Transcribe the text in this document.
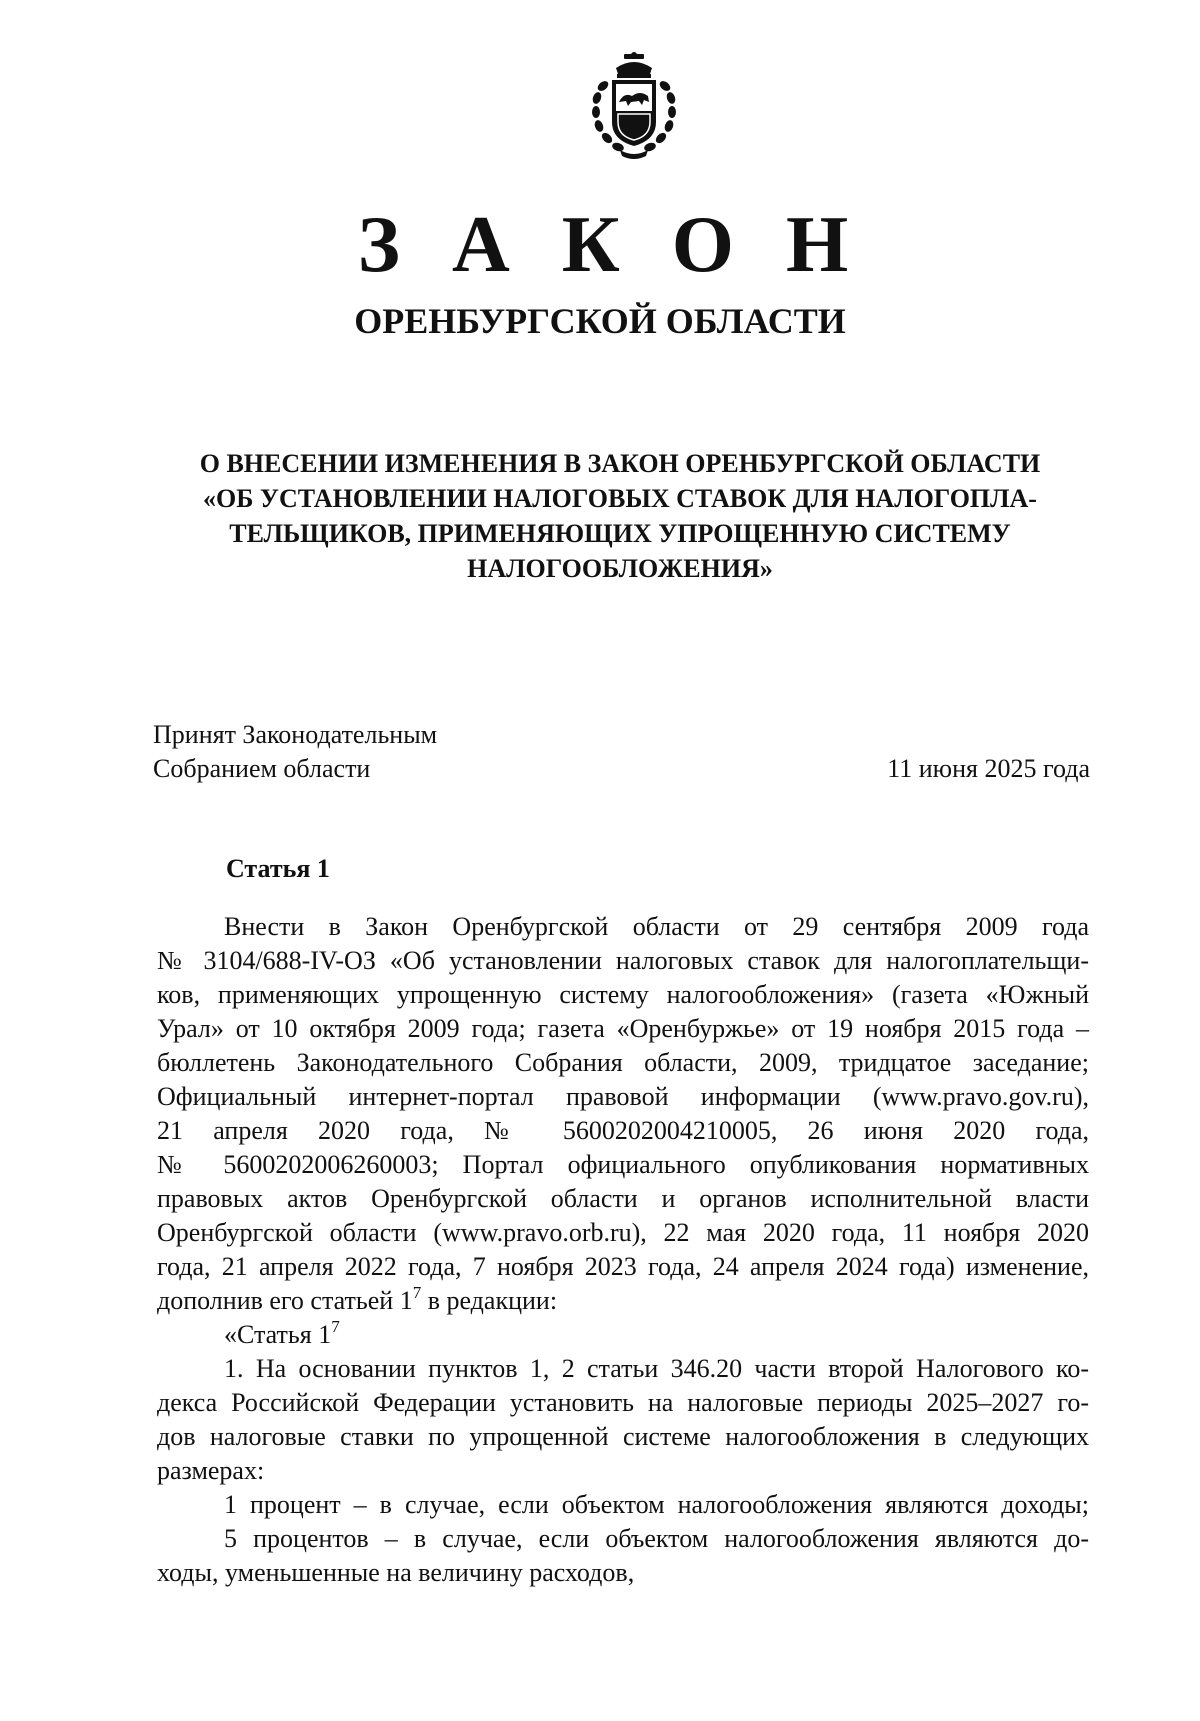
З А К О Н
ОРЕНБУРГСКОЙ ОБЛАСТИ
О ВНЕСЕНИИ ИЗМЕНЕНИЯ В ЗАКОН ОРЕНБУРГСКОЙ ОБЛАСТИ
«ОБ УСТАНОВЛЕНИИ НАЛОГОВЫХ СТАВОК ДЛЯ НАЛОГОПЛА-
ТЕЛЬЩИКОВ, ПРИМЕНЯЮЩИХ УПРОЩЕННУЮ СИСТЕМУ
НАЛОГООБЛОЖЕНИЯ»
Принят Законодательным
Собранием области	11 июня 2025 года
Статья 1
Внести в Закон Оренбургской области от 29 сентября 2009 года
№ 3104/688-IV-ОЗ «Об установлении налоговых ставок для налогоплательщи-
ков, применяющих упрощенную систему налогообложения» (газета «Южный
Урал» от 10 октября 2009 года; газета «Оренбуржье» от 19 ноября 2015 года –
бюллетень Законодательного Собрания области, 2009, тридцатое заседание;
Официальный интернет-портал правовой информации (www.pravo.gov.ru),
21 апреля 2020 года, № 5600202004210005, 26 июня 2020 года,
№ 5600202006260003; Портал официального опубликования нормативных
правовых актов Оренбургской области и органов исполнительной власти
Оренбургской области (www.pravo.orb.ru), 22 мая 2020 года, 11 ноября 2020
года, 21 апреля 2022 года, 7 ноября 2023 года, 24 апреля 2024 года) изменение,
дополнив его статьей $1^7$ в редакции:
«Статья $1^7$
1. На основании пунктов 1, 2 статьи 346.20 части второй Налогового ко-
декса Российской Федерации установить на налоговые периоды 2025–2027 го-
дов налоговые ставки по упрощенной системе налогообложения в следующих
размерах:
1 процент – в случае, если объектом налогообложения являются доходы;
5 процентов – в случае, если объектом налогообложения являются до-
ходы, уменьшенные на величину расходов,
